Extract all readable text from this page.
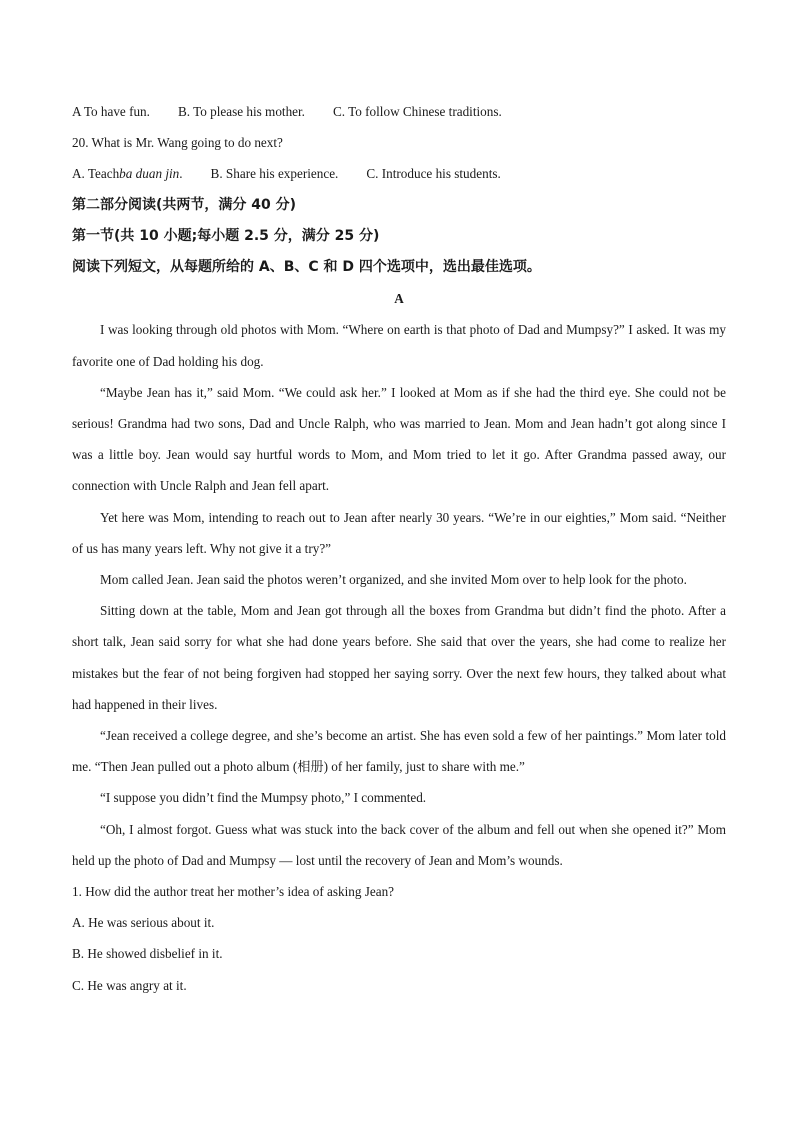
A To have fun. B. To please his mother. C. To follow Chinese traditions.
20. What is Mr. Wang going to do next?
A. Teachba duan jin. B. Share his experience. C. Introduce his students.
第二部分阅读(共两节，满分 40 分)
第一节(共 10 小题;每小题 2.5 分，满分 25 分)
阅读下列短文，从每题所给的 A、B、C 和 D 四个选项中，选出最佳选项。
A

I was looking through old photos with Mom. “Where on earth is that photo of Dad and Mumpsy?” I asked. It was my favorite one of Dad holding his dog.

“Maybe Jean has it,” said Mom. “We could ask her.” I looked at Mom as if she had the third eye. She could not be serious! Grandma had two sons, Dad and Uncle Ralph, who was married to Jean. Mom and Jean hadn’t got along since I was a little boy. Jean would say hurtful words to Mom, and Mom tried to let it go. After Grandma passed away, our connection with Uncle Ralph and Jean fell apart.

Yet here was Mom, intending to reach out to Jean after nearly 30 years. “We’re in our eighties,” Mom said. “Neither of us has many years left. Why not give it a try?”

Mom called Jean. Jean said the photos weren’t organized, and she invited Mom over to help look for the photo.

Sitting down at the table, Mom and Jean got through all the boxes from Grandma but didn’t find the photo. After a short talk, Jean said sorry for what she had done years before. She said that over the years, she had come to realize her mistakes but the fear of not being forgiven had stopped her saying sorry. Over the next few hours, they talked about what had happened in their lives.

“Jean received a college degree, and she’s become an artist. She has even sold a few of her paintings.” Mom later told me. “Then Jean pulled out a photo album (相册) of her family, just to share with me.”

“I suppose you didn’t find the Mumpsy photo,” I commented.

“Oh, I almost forgot. Guess what was stuck into the back cover of the album and fell out when she opened it?” Mom held up the photo of Dad and Mumpsy — lost until the recovery of Jean and Mom’s wounds.

1. How did the author treat her mother’s idea of asking Jean?
A. He was serious about it.
B. He showed disbelief in it.
C. He was angry at it.
